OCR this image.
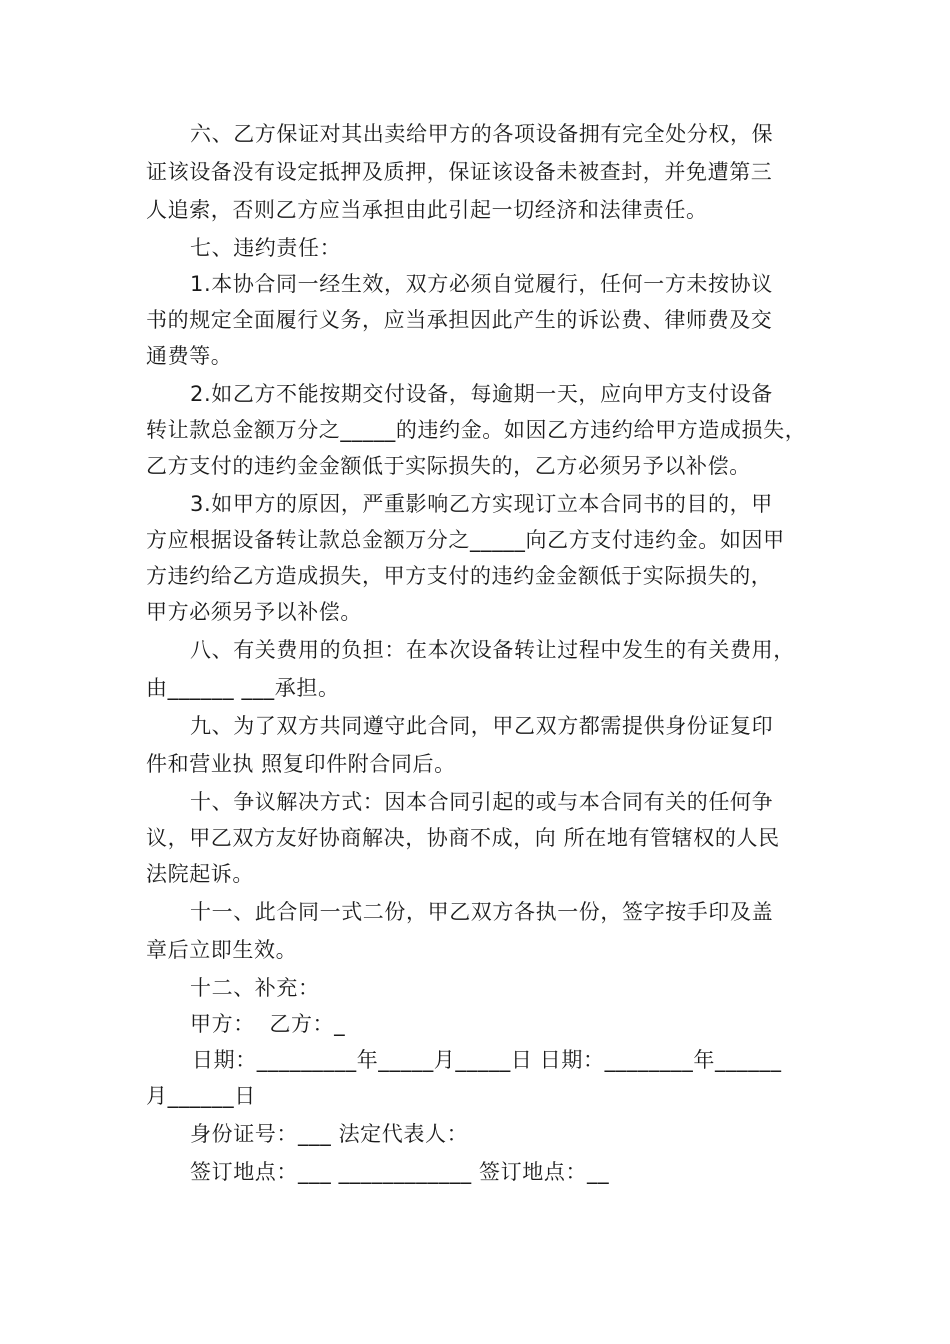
六、乙方保证对其出卖给甲方的各项设备拥有完全处分权，保
证该设备没有设定抵押及质押，保证该设备未被查封，并免遭第三
人追索，否则乙方应当承担由此引起一切经济和法律责任。
七、违约责任：
1.本协合同一经生效，双方必须自觉履行，任何一方未按协议
书的规定全面履行义务，应当承担因此产生的诉讼费、律师费及交
通费等。
2.如乙方不能按期交付设备，每逾期一天，应向甲方支付设备
转让款总金额万分之_____的违约金。如因乙方违约给甲方造成损失，
乙方支付的违约金金额低于实际损失的，乙方必须另予以补偿。
3.如甲方的原因，严重影响乙方实现订立本合同书的目的，甲
方应根据设备转让款总金额万分之_____向乙方支付违约金。如因甲
方违约给乙方造成损失，甲方支付的违约金金额低于实际损失的，
甲方必须另予以补偿。
八、有关费用的负担：在本次设备转让过程中发生的有关费用，
由______ ___承担。
九、为了双方共同遵守此合同，甲乙双方都需提供身份证复印
件和营业执 照复印件附合同后。
十、争议解决方式：因本合同引起的或与本合同有关的任何争
议，甲乙双方友好协商解决，协商不成，向 所在地有管辖权的人民
法院起诉。
十一、此合同一式二份，甲乙双方各执一份，签字按手印及盖
章后立即生效。
十二、补充：
甲方：  乙方：_
日期：_________年_____月_____日 日期：________年______
月______日
身份证号：___ 法定代表人：
签订地点：___ ____________ 签订地点：__
